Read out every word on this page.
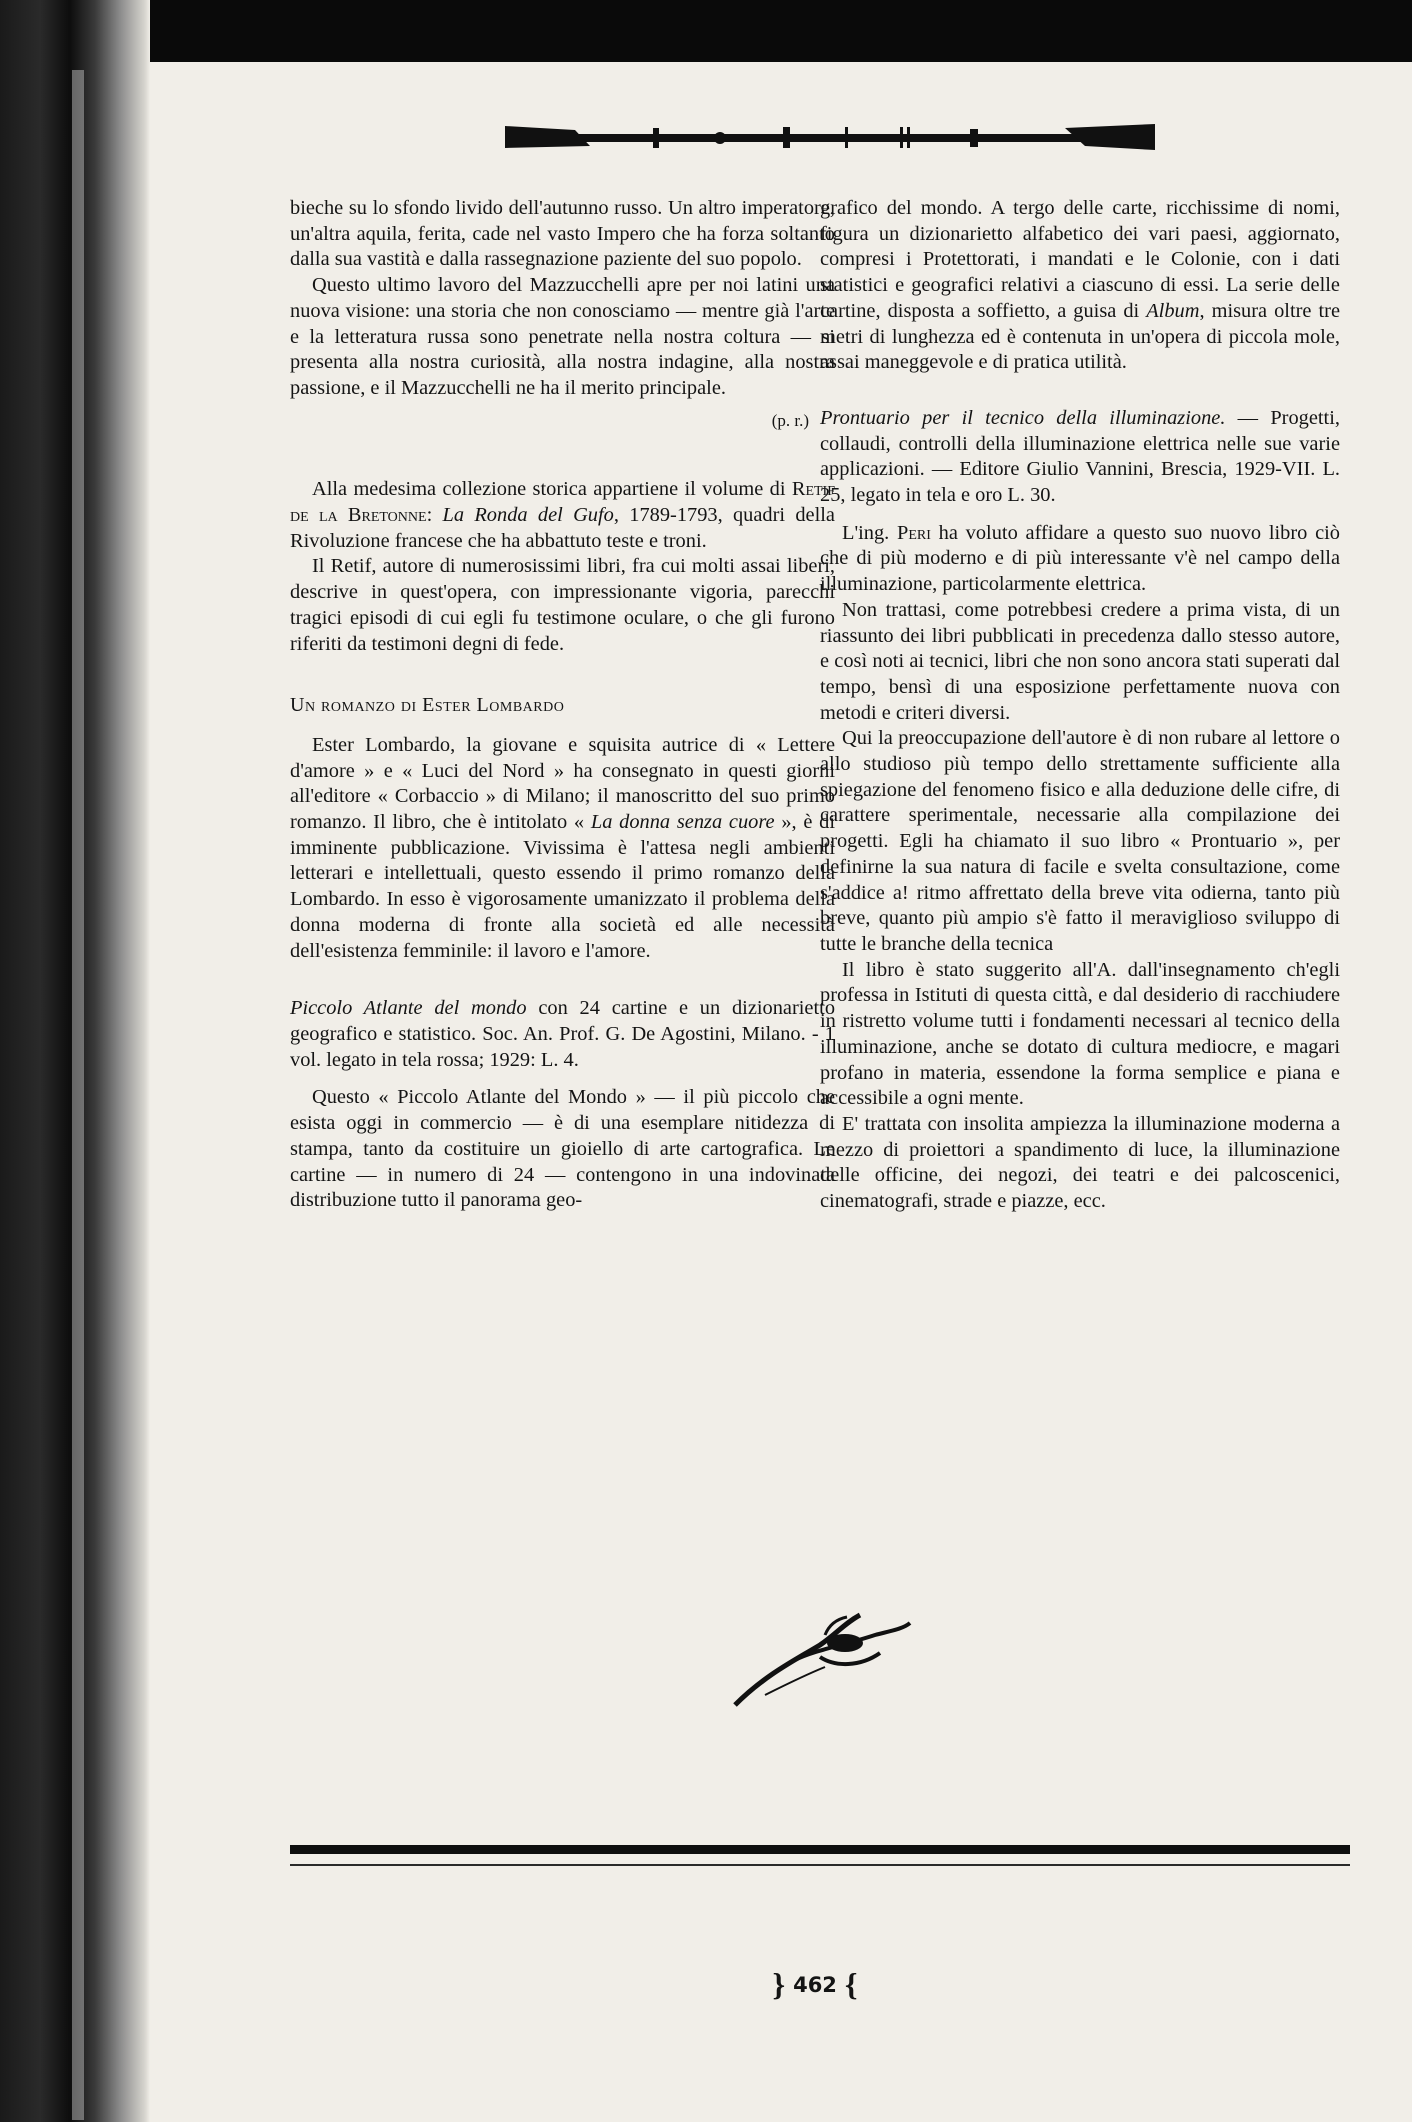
bieche su lo sfondo livido dell'autunno russo. Un altro imperatore, un'altra aquila, ferita, cade nel vasto Impero che ha forza soltanto dalla sua vastità e dalla rassegnazione paziente del suo popolo.

Questo ultimo lavoro del Mazzucchelli apre per noi latini una nuova visione: una storia che non conosciamo — mentre già l'arte e la letteratura russa sono penetrate nella nostra coltura — si presenta alla nostra curiosità, alla nostra indagine, alla nostra passione, e il Mazzucchelli ne ha il merito principale.

(p. r.)

Alla medesima collezione storica appartiene il volume di Retif de la Bretonne: La Ronda del Gufo, 1789-1793, quadri della Rivoluzione francese che ha abbattuto teste e troni.

Il Retif, autore di numerosissimi libri, fra cui molti assai liberi, descrive in quest'opera, con impressionante vigoria, parecchi tragici episodi di cui egli fu testimone oculare, o che gli furono riferiti da testimoni degni di fede.

Un romanzo di Ester Lombardo

Ester Lombardo, la giovane e squisita autrice di « Lettere d'amore » e « Luci del Nord » ha consegnato in questi giorni all'editore « Corbaccio » di Milano; il manoscritto del suo primo romanzo. Il libro, che è intitolato « La donna senza cuore », è di imminente pubblicazione. Vivissima è l'attesa negli ambienti letterari e intellettuali, questo essendo il primo romanzo della Lombardo. In esso è vigorosamente umanizzato il problema della donna moderna di fronte alla società ed alle necessità dell'esistenza femminile: il lavoro e l'amore.

Piccolo Atlante del mondo con 24 cartine e un dizionarietto geografico e statistico. Soc. An. Prof. G. De Agostini, Milano. - 1 vol. legato in tela rossa; 1929: L. 4.

Questo « Piccolo Atlante del Mondo » — il più piccolo che esista oggi in commercio — è di una esemplare nitidezza di stampa, tanto da costituire un gioiello di arte cartografica. Le cartine — in numero di 24 — contengono in una indovinata distribuzione tutto il panorama geo-

grafico del mondo. A tergo delle carte, ricchissime di nomi, figura un dizionarietto alfabetico dei vari paesi, aggiornato, compresi i Protettorati, i mandati e le Colonie, con i dati statistici e geografici relativi a ciascuno di essi. La serie delle cartine, disposta a soffietto, a guisa di Album, misura oltre tre metri di lunghezza ed è contenuta in un'opera di piccola mole, assai maneggevole e di pratica utilità.

Prontuario per il tecnico della illuminazione. — Progetti, collaudi, controlli della illuminazione elettrica nelle sue varie applicazioni. — Editore Giulio Vannini, Brescia, 1929-VII. L. 25, legato in tela e oro L. 30.

L'ing. Peri ha voluto affidare a questo suo nuovo libro ciò che di più moderno e di più interessante v'è nel campo della illuminazione, particolarmente elettrica.

Non trattasi, come potrebbesi credere a prima vista, di un riassunto dei libri pubblicati in precedenza dallo stesso autore, e così noti ai tecnici, libri che non sono ancora stati superati dal tempo, bensì di una esposizione perfettamente nuova con metodi e criteri diversi.

Qui la preoccupazione dell'autore è di non rubare al lettore o allo studioso più tempo dello strettamente sufficiente alla spiegazione del fenomeno fisico e alla deduzione delle cifre, di carattere sperimentale, necessarie alla compilazione dei progetti. Egli ha chiamato il suo libro « Prontuario », per definirne la sua natura di facile e svelta consultazione, come s'addice a! ritmo affrettato della breve vita odierna, tanto più breve, quanto più ampio s'è fatto il meraviglioso sviluppo di tutte le branche della tecnica

Il libro è stato suggerito all'A. dall'insegnamento ch'egli professa in Istituti di questa città, e dal desiderio di racchiudere in ristretto volume tutti i fondamenti necessari al tecnico della illuminazione, anche se dotato di cultura mediocre, e magari profano in materia, essendone la forma semplice e piana e accessibile a ogni mente.

E' trattata con insolita ampiezza la illuminazione moderna a mezzo di proiettori a spandimento di luce, la illuminazione delle officine, dei negozi, dei teatri e dei palcoscenici, cinematografi, strade e piazze, ecc.

} 462 {
